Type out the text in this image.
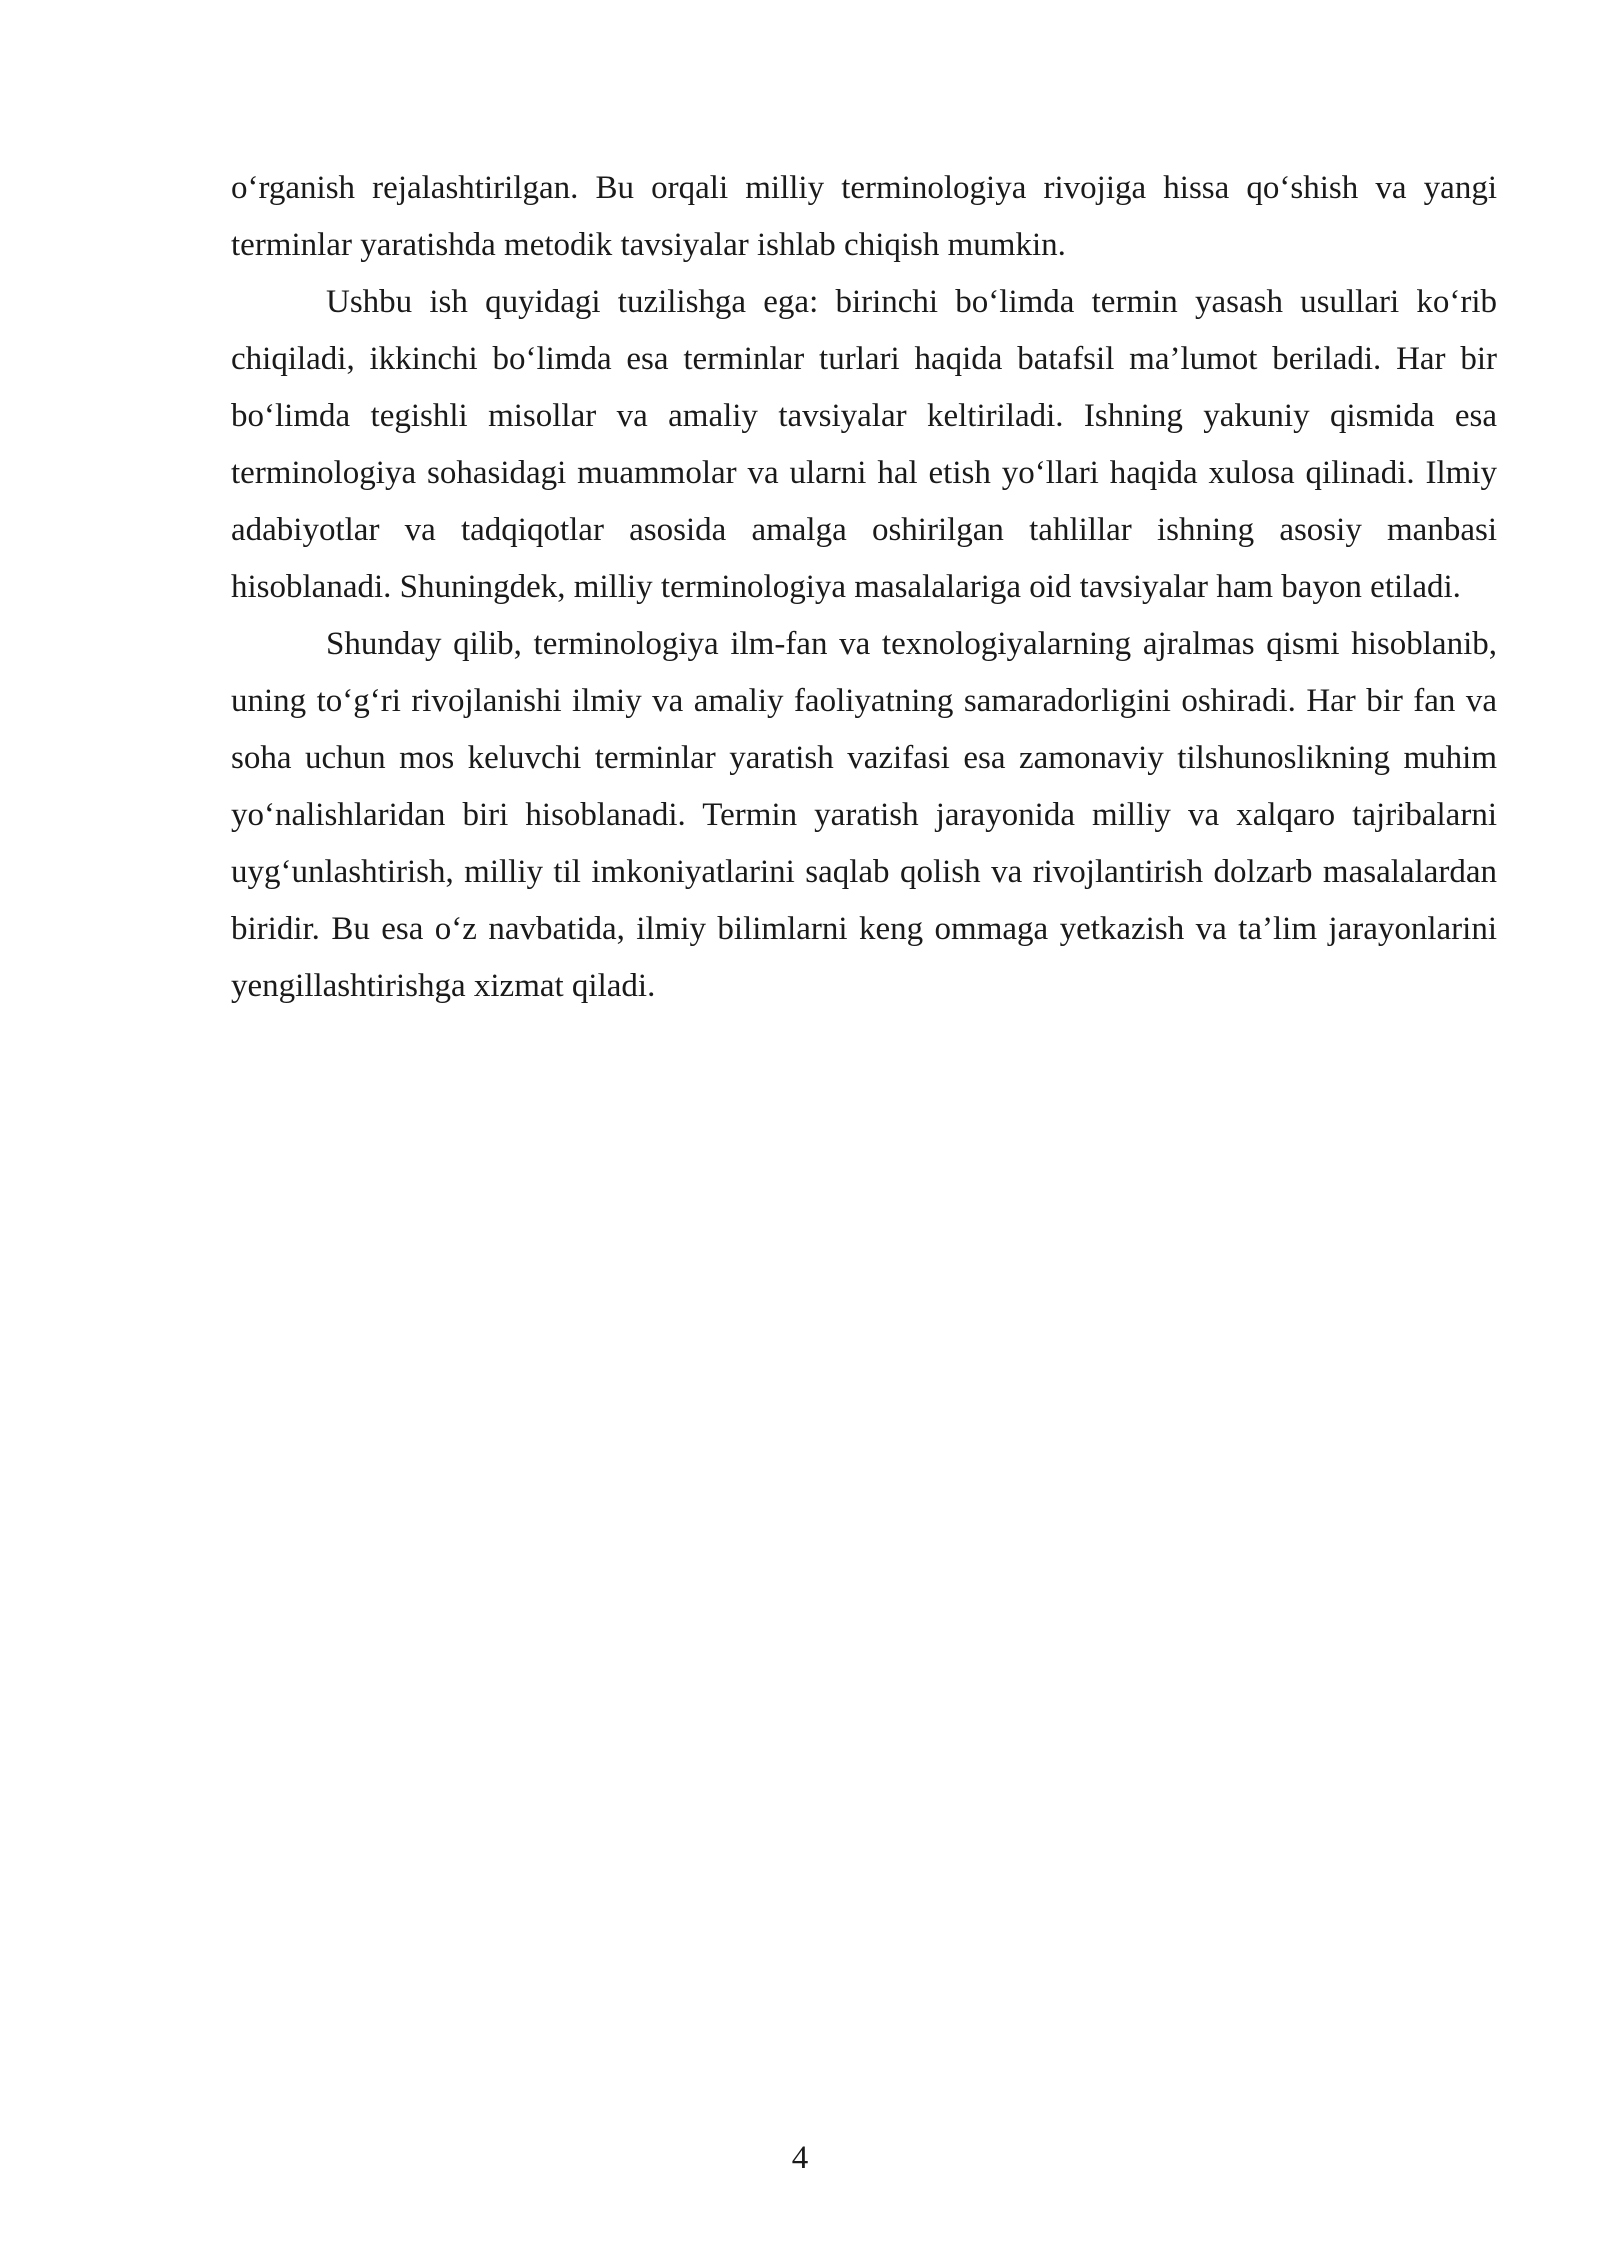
o‘rganish rejalashtirilgan. Bu orqali milliy terminologiya rivojiga hissa qo‘shish va yangi terminlar yaratishda metodik tavsiyalar ishlab chiqish mumkin.

Ushbu ish quyidagi tuzilishga ega: birinchi bo‘limda termin yasash usullari ko‘rib chiqiladi, ikkinchi bo‘limda esa terminlar turlari haqida batafsil ma’lumot beriladi. Har bir bo‘limda tegishli misollar va amaliy tavsiyalar keltiriladi. Ishning yakuniy qismida esa terminologiya sohasidagi muammolar va ularni hal etish yo‘llari haqida xulosa qilinadi. Ilmiy adabiyotlar va tadqiqotlar asosida amalga oshirilgan tahlillar ishning asosiy manbasi hisoblanadi. Shuningdek, milliy terminologiya masalalariga oid tavsiyalar ham bayon etiladi.

Shunday qilib, terminologiya ilm-fan va texnologiyalarning ajralmas qismi hisoblanib, uning to‘g‘ri rivojlanishi ilmiy va amaliy faoliyatning samaradorligini oshiradi. Har bir fan va soha uchun mos keluvchi terminlar yaratish vazifasi esa zamonaviy tilshunoslikning muhim yo‘nalishlaridan biri hisoblanadi. Termin yaratish jarayonida milliy va xalqaro tajribalarni uyg‘unlashtirish, milliy til imkoniyatlarini saqlab qolish va rivojlantirish dolzarb masalalardan biridir. Bu esa o‘z navbatida, ilmiy bilimlarni keng ommaga yetkazish va ta’lim jarayonlarini yengillashtirishga xizmat qiladi.

4
